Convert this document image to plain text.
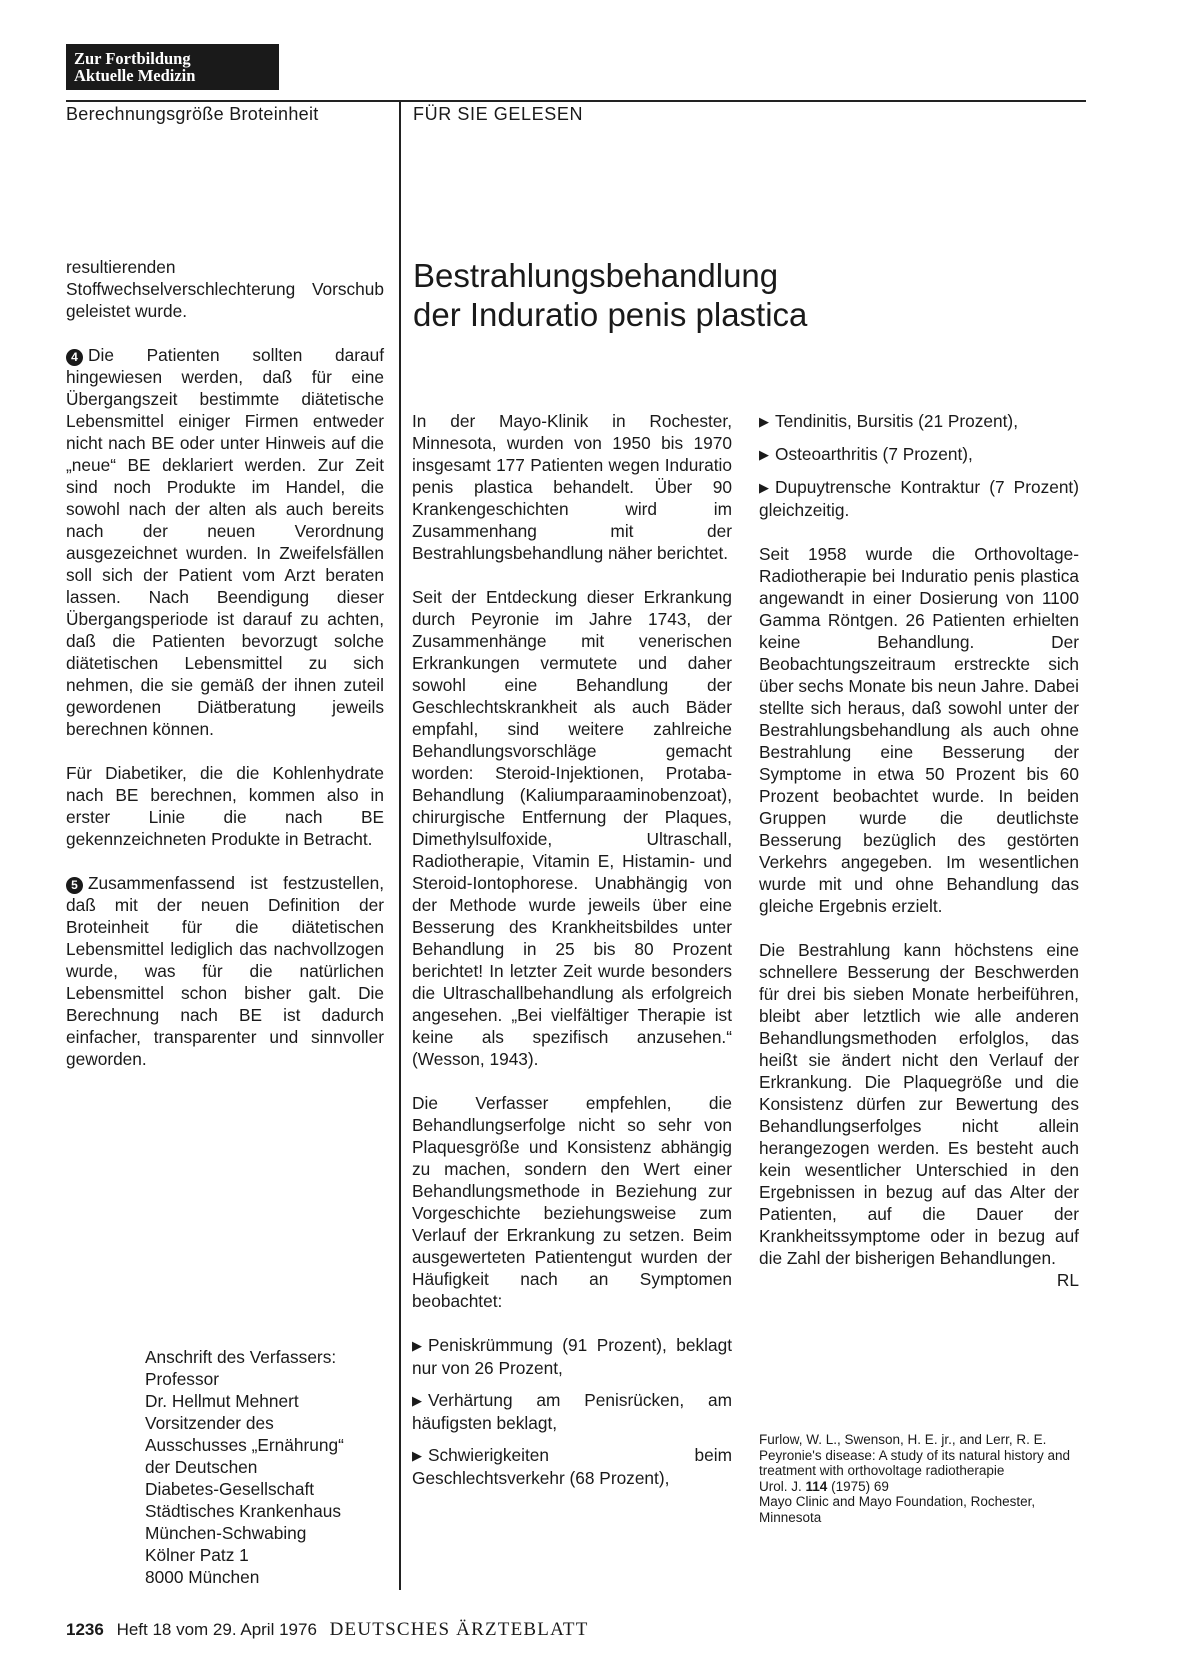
Zur Fortbildung
Aktuelle Medizin
Berechnungsgröße Broteinheit	FÜR SIE GELESEN
Bestrahlungsbehandlung
der Induratio penis plastica

resultierenden Stoffwechselverschlechterung Vorschub geleistet wurde.

4 Die Patienten sollten darauf hingewiesen werden, daß für eine Übergangszeit bestimmte diätetische Lebensmittel einiger Firmen entweder nicht nach BE oder unter Hinweis auf die „neue“ BE deklariert werden. Zur Zeit sind noch Produkte im Handel, die sowohl nach der alten als auch bereits nach der neuen Verordnung ausgezeichnet wurden. In Zweifelsfällen soll sich der Patient vom Arzt beraten lassen. Nach Beendigung dieser Übergangsperiode ist darauf zu achten, daß die Patienten bevorzugt solche diätetischen Lebensmittel zu sich nehmen, die sie gemäß der ihnen zuteil gewordenen Diätberatung jeweils berechnen können.

Für Diabetiker, die die Kohlenhydrate nach BE berechnen, kommen also in erster Linie die nach BE gekennzeichneten Produkte in Betracht.

5 Zusammenfassend ist festzustellen, daß mit der neuen Definition der Broteinheit für die diätetischen Lebensmittel lediglich das nachvollzogen wurde, was für die natürlichen Lebensmittel schon bisher galt. Die Berechnung nach BE ist dadurch einfacher, transparenter und sinnvoller geworden.

Anschrift des Verfassers:
Professor
Dr. Hellmut Mehnert
Vorsitzender des
Ausschusses „Ernährung“
der Deutschen
Diabetes-Gesellschaft
Städtisches Krankenhaus
München-Schwabing
Kölner Patz 1
8000 München

In der Mayo-Klinik in Rochester, Minnesota, wurden von 1950 bis 1970 insgesamt 177 Patienten wegen Induratio penis plastica behandelt. Über 90 Krankengeschichten wird im Zusammenhang mit der Bestrahlungsbehandlung näher berichtet.

Seit der Entdeckung dieser Erkrankung durch Peyronie im Jahre 1743, der Zusammenhänge mit venerischen Erkrankungen vermutete und daher sowohl eine Behandlung der Geschlechtskrankheit als auch Bäder empfahl, sind weitere zahlreiche Behandlungsvorschläge gemacht worden: Steroid-Injektionen, Protaba-Behandlung (Kaliumparaaminobenzoat), chirurgische Entfernung der Plaques, Dimethylsulfoxide, Ultraschall, Radiotherapie, Vitamin E, Histamin- und Steroid-Iontophorese. Unabhängig von der Methode wurde jeweils über eine Besserung des Krankheitsbildes unter Behandlung in 25 bis 80 Prozent berichtet! In letzter Zeit wurde besonders die Ultraschallbehandlung als erfolgreich angesehen. „Bei vielfältiger Therapie ist keine als spezifisch anzusehen.“ (Wesson, 1943).

Die Verfasser empfehlen, die Behandlungserfolge nicht so sehr von Plaquesgröße und Konsistenz abhängig zu machen, sondern den Wert einer Behandlungsmethode in Beziehung zur Vorgeschichte beziehungsweise zum Verlauf der Erkrankung zu setzen. Beim ausgewerteten Patientengut wurden der Häufigkeit nach an Symptomen beobachtet:

▶ Peniskrümmung (91 Prozent), beklagt nur von 26 Prozent,
▶ Verhärtung am Penisrücken, am häufigsten beklagt,
▶ Schwierigkeiten beim Geschlechtsverkehr (68 Prozent),
▶ Tendinitis, Bursitis (21 Prozent),
▶ Osteoarthritis (7 Prozent),
▶ Dupuytrensche Kontraktur (7 Prozent) gleichzeitig.

Seit 1958 wurde die Orthovoltage-Radiotherapie bei Induratio penis plastica angewandt in einer Dosierung von 1100 Gamma Röntgen. 26 Patienten erhielten keine Behandlung. Der Beobachtungszeitraum erstreckte sich über sechs Monate bis neun Jahre. Dabei stellte sich heraus, daß sowohl unter der Bestrahlungsbehandlung als auch ohne Bestrahlung eine Besserung der Symptome in etwa 50 Prozent bis 60 Prozent beobachtet wurde. In beiden Gruppen wurde die deutlichste Besserung bezüglich des gestörten Verkehrs angegeben. Im wesentlichen wurde mit und ohne Behandlung das gleiche Ergebnis erzielt.

Die Bestrahlung kann höchstens eine schnellere Besserung der Beschwerden für drei bis sieben Monate herbeiführen, bleibt aber letztlich wie alle anderen Behandlungsmethoden erfolglos, das heißt sie ändert nicht den Verlauf der Erkrankung. Die Plaquegröße und die Konsistenz dürfen zur Bewertung des Behandlungserfolges nicht allein herangezogen werden. Es besteht auch kein wesentlicher Unterschied in den Ergebnissen in bezug auf das Alter der Patienten, auf die Dauer der Krankheitssymptome oder in bezug auf die Zahl der bisherigen Behandlungen.

RL
Furlow, W. L., Swenson, H. E. jr., and Lerr, R. E.
Peyronie's disease: A study of its natural history and treatment with orthovoltage radiotherapie
Urol. J. 114 (1975) 69
Mayo Clinic and Mayo Foundation, Rochester, Minnesota
1236 Heft 18 vom 29. April 1976 DEUTSCHES ÄRZTEBLATT
